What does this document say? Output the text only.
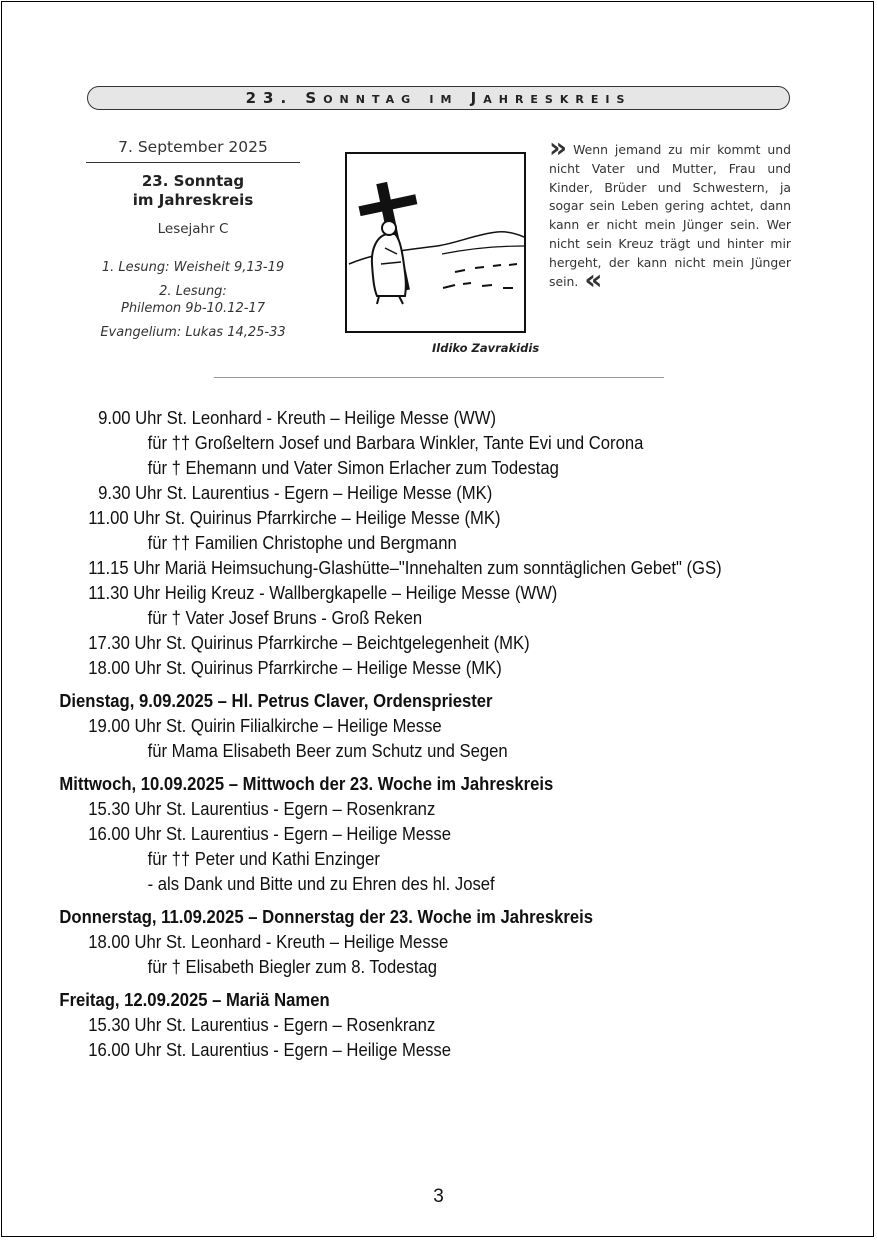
23. Sonntag im Jahreskreis
7. September 2025
23. Sonntag
im Jahreskreis
Lesejahr C
1. Lesung: Weisheit 9,13-19
2. Lesung:
Philemon 9b-10.12-17
Evangelium: Lukas 14,25-33
Ildiko Zavrakidis
» Wenn jemand zu mir kommt und nicht Vater und Mutter, Frau und Kinder, Brüder und Schwestern, ja sogar sein Leben gering achtet, dann kann er nicht mein Jünger sein. Wer nicht sein Kreuz trägt und hinter mir hergeht, der kann nicht mein Jünger sein. «
9.00 Uhr St. Leonhard - Kreuth – Heilige Messe (WW)
für †† Großeltern Josef und Barbara Winkler, Tante Evi und Corona
für † Ehemann und Vater Simon Erlacher zum Todestag
9.30 Uhr St. Laurentius - Egern – Heilige Messe (MK)
11.00 Uhr St. Quirinus Pfarrkirche – Heilige Messe (MK)
für †† Familien Christophe und Bergmann
11.15 Uhr Mariä Heimsuchung-Glashütte–"Innehalten zum sonntäglichen Gebet" (GS)
11.30 Uhr Heilig Kreuz - Wallbergkapelle – Heilige Messe (WW)
für † Vater Josef Bruns - Groß Reken
17.30 Uhr St. Quirinus Pfarrkirche – Beichtgelegenheit (MK)
18.00 Uhr St. Quirinus Pfarrkirche – Heilige Messe (MK)
Dienstag, 9.09.2025 – Hl. Petrus Claver, Ordenspriester
19.00 Uhr St. Quirin Filialkirche – Heilige Messe
für Mama Elisabeth Beer zum Schutz und Segen
Mittwoch, 10.09.2025 – Mittwoch der 23. Woche im Jahreskreis
15.30 Uhr St. Laurentius - Egern – Rosenkranz
16.00 Uhr St. Laurentius - Egern – Heilige Messe
für †† Peter und Kathi Enzinger
- als Dank und Bitte und zu Ehren des hl. Josef
Donnerstag, 11.09.2025 – Donnerstag der 23. Woche im Jahreskreis
18.00 Uhr St. Leonhard - Kreuth – Heilige Messe
für † Elisabeth Biegler zum 8. Todestag
Freitag, 12.09.2025 – Mariä Namen
15.30 Uhr St. Laurentius - Egern – Rosenkranz
16.00 Uhr St. Laurentius - Egern – Heilige Messe
3
